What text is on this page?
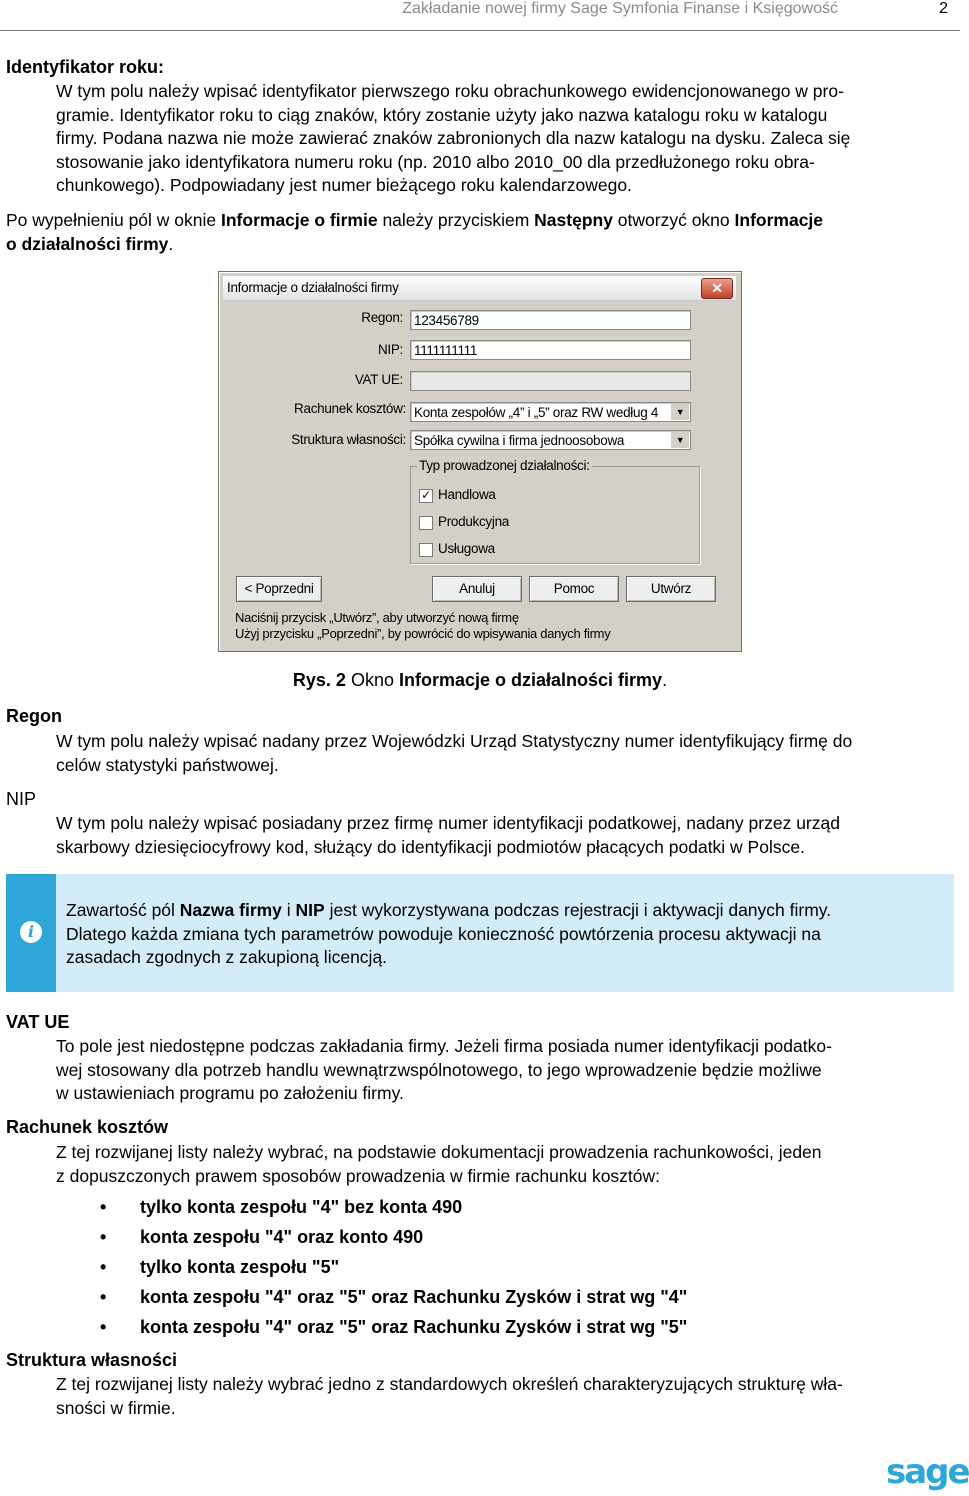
Zakładanie nowej firmy Sage Symfonia Finanse i Księgowość	2
Identyfikator roku:
W tym polu należy wpisać identyfikator pierwszego roku obrachunkowego ewidencjonowanego w pro-
gramie. Identyfikator roku to ciąg znaków, który zostanie użyty jako nazwa katalogu roku w katalogu
firmy. Podana nazwa nie może zawierać znaków zabronionych dla nazw katalogu na dysku. Zaleca się
stosowanie jako identyfikatora numeru roku (np. 2010 albo 2010_00 dla przedłużonego roku obra-
chunkowego). Podpowiadany jest numer bieżącego roku kalendarzowego.
Po wypełnieniu pól w oknie Informacje o firmie należy przyciskiem Następny otworzyć okno Informacje
o działalności firmy.
Informacje o działalności firmy	✕
Regon: 123456789
NIP: 1111111111
VAT UE:
Rachunek kosztów: Konta zespołów „4” i „5” oraz RW według 4	▼
Struktura własności: Spółka cywilna i firma jednoosobowa	▼
Typ prowadzonej działalności:
✓ Handlowa
Produkcyjna
Usługowa
< Poprzedni	Anuluj	Pomoc	Utwórz
Naciśnij przycisk „Utwórz”, aby utworzyć nową firmę
Użyj przycisku „Poprzedni”, by powrócić do wpisywania danych firmy
Rys. 2 Okno Informacje o działalności firmy.
Regon
W tym polu należy wpisać nadany przez Wojewódzki Urząd Statystyczny numer identyfikujący firmę do
celów statystyki państwowej.
NIP
W tym polu należy wpisać posiadany przez firmę numer identyfikacji podatkowej, nadany przez urząd
skarbowy dziesięciocyfrowy kod, służący do identyfikacji podmiotów płacących podatki w Polsce.
i
Zawartość pól Nazwa firmy i NIP jest wykorzystywana podczas rejestracji i aktywacji danych firmy.
Dlatego każda zmiana tych parametrów powoduje konieczność powtórzenia procesu aktywacji na
zasadach zgodnych z zakupioną licencją.
VAT UE
To pole jest niedostępne podczas zakładania firmy. Jeżeli firma posiada numer identyfikacji podatko-
wej stosowany dla potrzeb handlu wewnątrzwspólnotowego, to jego wprowadzenie będzie możliwe
w ustawieniach programu po założeniu firmy.
Rachunek kosztów
Z tej rozwijanej listy należy wybrać, na podstawie dokumentacji prowadzenia rachunkowości, jeden
z dopuszczonych prawem sposobów prowadzenia w firmie rachunku kosztów:
• tylko konta zespołu "4" bez konta 490
• konta zespołu "4" oraz konto 490
• tylko konta zespołu "5"
• konta zespołu "4" oraz "5" oraz Rachunku Zysków i strat wg "4"
• konta zespołu "4" oraz "5" oraz Rachunku Zysków i strat wg "5"
Struktura własności
Z tej rozwijanej listy należy wybrać jedno z standardowych określeń charakteryzujących strukturę wła-
sności w firmie.
sage
